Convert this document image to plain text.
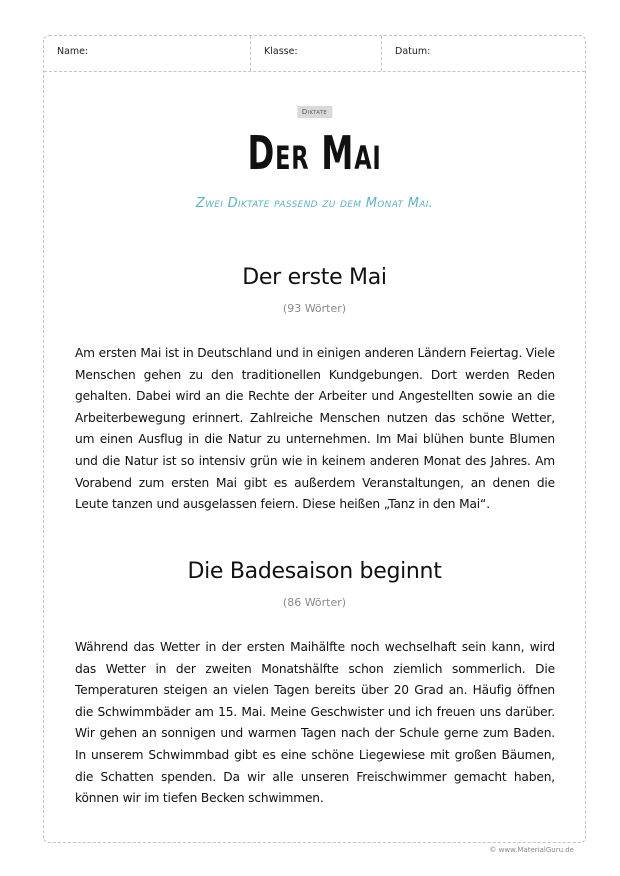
Name:	Klasse:	Datum:
Diktate
Der Mai
Zwei Diktate passend zu dem Monat Mai.
Der erste Mai
(93 Wörter)

Am ersten Mai ist in Deutschland und in einigen anderen Ländern Feiertag. Viele Menschen gehen zu den traditionellen Kundgebungen. Dort werden Reden gehalten. Dabei wird an die Rechte der Arbeiter und Angestellten sowie an die Arbeiterbewegung erinnert. Zahlreiche Menschen nutzen das schöne Wetter, um einen Ausflug in die Natur zu unternehmen. Im Mai blühen bunte Blumen und die Natur ist so intensiv grün wie in keinem anderen Monat des Jahres. Am Vorabend zum ersten Mai gibt es außerdem Veranstaltungen, an denen die Leute tanzen und ausgelassen feiern. Diese heißen „Tanz in den Mai“.

Die Badesaison beginnt
(86 Wörter)

Während das Wetter in der ersten Maihälfte noch wechselhaft sein kann, wird das Wetter in der zweiten Monatshälfte schon ziemlich sommerlich. Die Temperaturen steigen an vielen Tagen bereits über 20 Grad an. Häufig öffnen die Schwimmbäder am 15. Mai. Meine Geschwister und ich freuen uns darüber. Wir gehen an sonnigen und warmen Tagen nach der Schule gerne zum Baden. In unserem Schwimmbad gibt es eine schöne Liegewiese mit großen Bäumen, die Schatten spenden. Da wir alle unseren Freischwimmer gemacht haben, können wir im tiefen Becken schwimmen.

© www.MaterialGuru.de
